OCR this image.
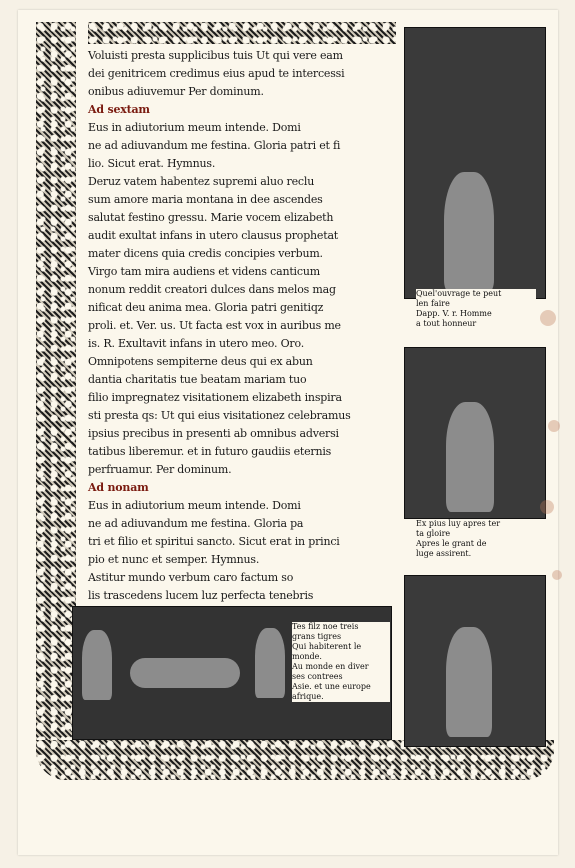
Voluisti presta supplicibus tuis Ut qui vere eam
dei genitricem credimus eius apud te intercessi
onibus adiuvemur Per dominum.
Ad sextam
Eus in adiutorium meum intende. Domi
ne ad adiuvandum me festina. Gloria patri et fi
lio. Sicut erat. Hymnus.
Deruz vatem habentez supremi aluo reclu
sum amore maria montana in dee ascendes
salutat festino gressu. Marie vocem elizabeth
audit exultat infans in utero clausus prophetat
mater dicens quia credis concipies verbum.
Virgo tam mira audiens et videns canticum
nonum reddit creatori dulces dans melos mag
nificat deu anima mea. Gloria patri genitiqz
proli. et. Ver. us. Ut facta est vox in auribus me
is. R. Exultavit infans in utero meo. Oro.
Omnipotens sempiterne deus qui ex abun
dantia charitatis tue beatam mariam tuo
filio impregnatez visitationem elizabeth inspira
sti presta qs: Ut qui eius visitationez celebramus
ipsius precibus in presenti ab omnibus adversi
tatibus liberemur. et in futuro gaudiis eternis
perfruamur. Per dominum.
Ad nonam
Eus in adiutorium meum intende. Domi
ne ad adiuvandum me festina. Gloria pa
tri et filio et spiritui sancto. Sicut erat in princi
pio et nunc et semper. Hymnus.
Astitur mundo verbum caro factum so
lis trascedens lucem luz perfecta tenebris
Quel'ouvrage te peut
len faire
Dapp. V. r. Homme
a tout honneur
Ex pius luy apres ter
ta gloire
Apres le grant de
luge assirent.
Tes filz noe treis
grans tigres
Qui habiterent le
monde.
Au monde en diver
ses contrees
Asie. et une europe
afrique.
